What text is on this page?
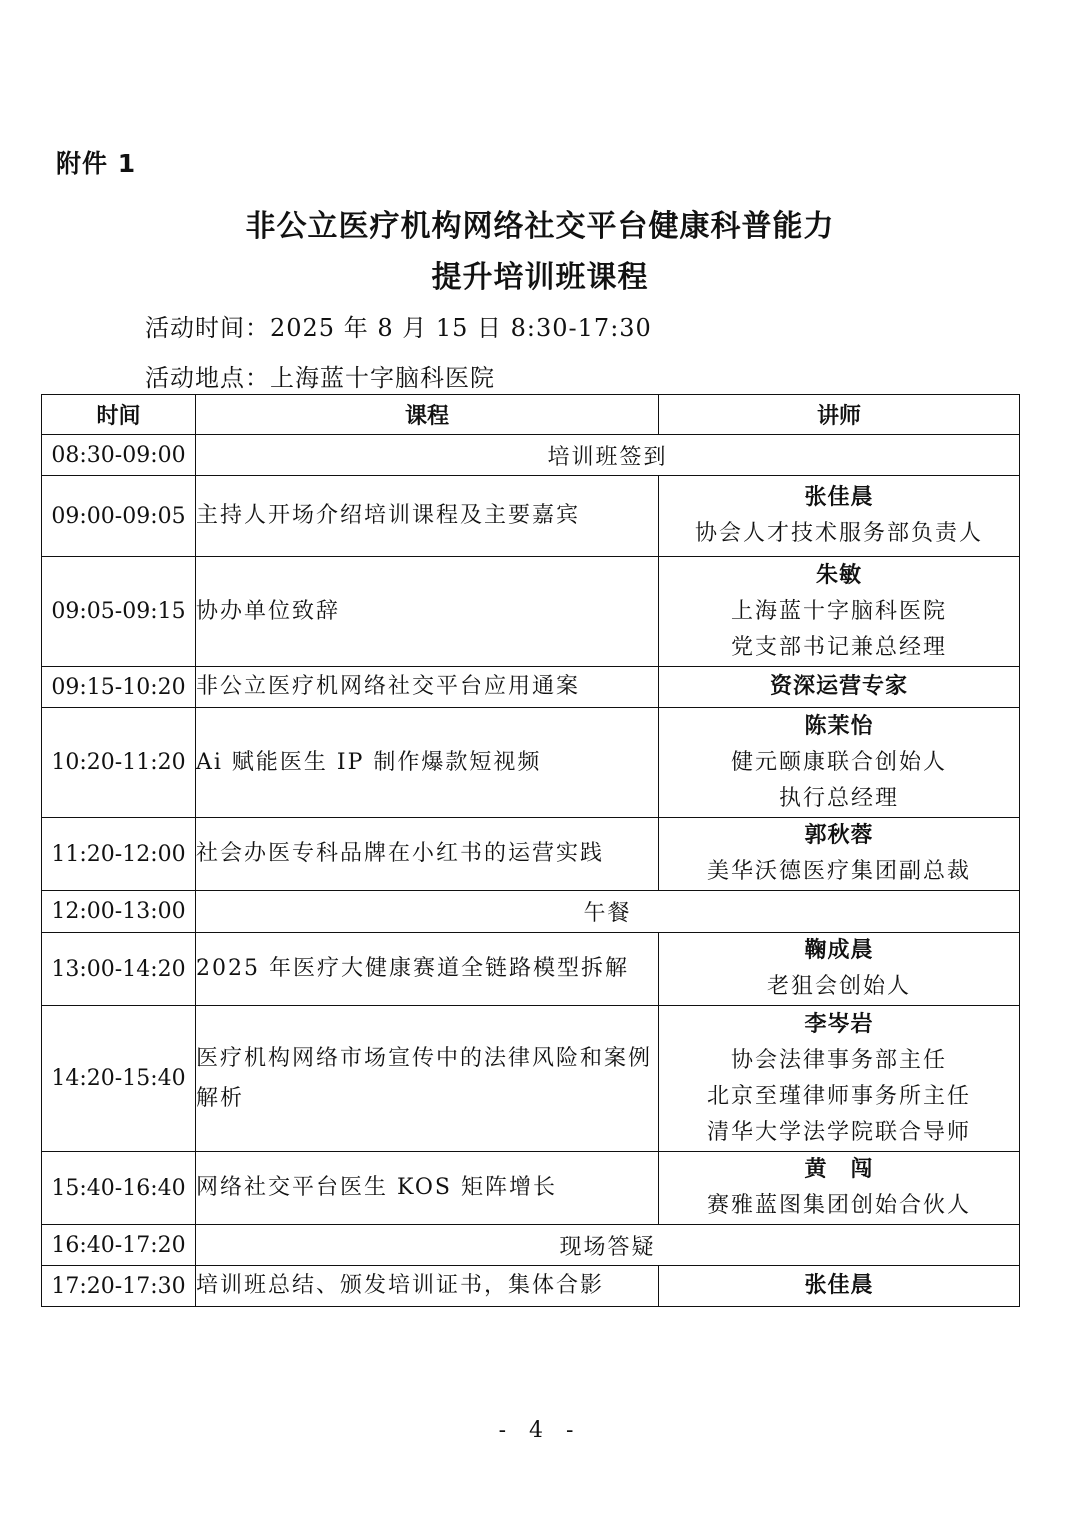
附件 1
非公立医疗机构网络社交平台健康科普能力
提升培训班课程
活动时间：2025 年 8 月 15 日 8:30-17:30
活动地点：上海蓝十字脑科医院
时间	课程	讲师
08:30-09:00	培训班签到	
09:00-09:05	主持人开场介绍培训课程及主要嘉宾	张佳晨
协会人才技术服务部负责人

09:05-09:15	协办单位致辞	朱敏
上海蓝十字脑科医院
党支部书记兼总经理

09:15-10:20	非公立医疗机网络社交平台应用通案	资深运营专家

10:20-11:20	Ai 赋能医生 IP 制作爆款短视频	陈茉怡
健元颐康联合创始人
执行总经理

11:20-12:00	社会办医专科品牌在小红书的运营实践	郭秋蓉
美华沃德医疗集团副总裁

12:00-13:00	午餐	
13:00-14:20	2025 年医疗大健康赛道全链路模型拆解	鞠成晨
老狙会创始人

14:20-15:40	医疗机构网络市场宣传中的法律风险和案例解析	李岑岩
协会法律事务部主任
北京至瑾律师事务所主任
清华大学法学院联合导师

15:40-16:40	网络社交平台医生 KOS 矩阵增长	黄　闯
赛雅蓝图集团创始合伙人

16:40-17:20	现场答疑	
17:20-17:30	培训班总结、颁发培训证书，集体合影	张佳晨
- 4 -
